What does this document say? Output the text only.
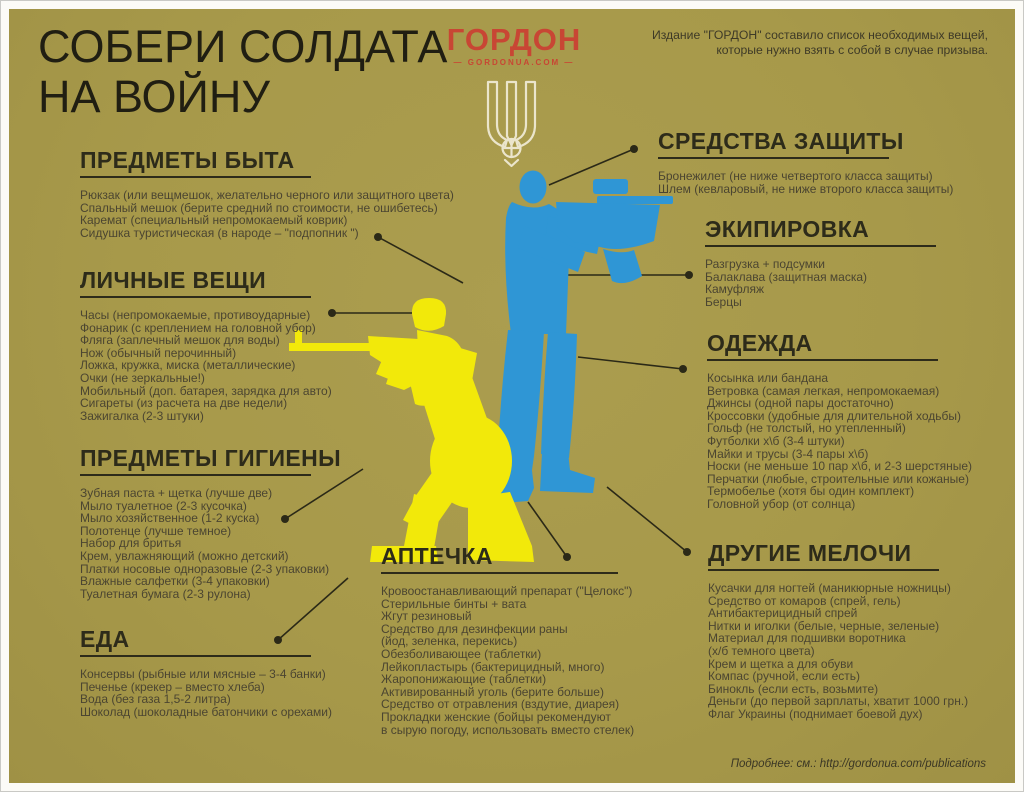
СОБЕРИ СОЛДАТА
НА ВОЙНУ
ГОРДОН
— GORDONUA.COM —
Издание "ГОРДОН" составило список необходимых вещей,
которые нужно взять с собой в случае призыва.
ПРЕДМЕТЫ БЫТА
Рюкзак (или вещмешок, желательно черного или защитного цвета)
Спальный мешок (берите средний по стоимости, не ошибетесь)
Каремат (специальный непромокаемый коврик)
Сидушка туристическая (в народе – "подпопник ")
ЛИЧНЫЕ ВЕЩИ
Часы (непромокаемые, противоударные)
Фонарик (с креплением на головной убор)
Фляга (заплечный мешок для воды)
Нож (обычный перочинный)
Ложка, кружка, миска (металлические)
Очки (не зеркальные!)
Мобильный (доп. батарея, зарядка для авто)
Сигареты (из расчета на две недели)
Зажигалка (2-3 штуки)
ПРЕДМЕТЫ ГИГИЕНЫ
Зубная паста + щетка (лучше две)
Мыло туалетное (2-3 кусочка)
Мыло хозяйственное (1-2 куска)
Полотенце (лучше темное)
Набор для бритья
Крем, увлажняющий (можно детский)
Платки носовые одноразовые (2-3 упаковки)
Влажные салфетки (3-4 упаковки)
Туалетная бумага (2-3 рулона)
ЕДА
Консервы (рыбные или мясные – 3-4 банки)
Печенье (крекер – вместо хлеба)
Вода (без газа 1,5-2 литра)
Шоколад (шоколадные батончики с орехами)
АПТЕЧКА
Кровоостанавливающий препарат ("Целокс")
Стерильные бинты + вата
Жгут резиновый
Средство для дезинфекции раны
(йод, зеленка, перекись)
Обезболивающее (таблетки)
Лейкопластырь (бактерицидный, много)
Жаропонижающие (таблетки)
Активированный уголь (берите больше)
Средство от отравления (вздутие, диарея)
Прокладки женские (бойцы рекомендуют
в сырую погоду, использовать вместо стелек)
СРЕДСТВА ЗАЩИТЫ
Бронежилет (не ниже четвертого класса защиты)
Шлем (кевларовый, не ниже второго класса защиты)
ЭКИПИРОВКА
Разгрузка + подсумки
Балаклава (защитная маска)
Камуфляж
Берцы
ОДЕЖДА
Косынка или бандана
Ветровка (самая легкая, непромокаемая)
Джинсы (одной пары достаточно)
Кроссовки (удобные для длительной ходьбы)
Гольф (не толстый, но утепленный)
Футболки х\б (3-4 штуки)
Майки и трусы (3-4 пары х\б)
Носки (не меньше 10 пар х\б, и 2-3 шерстяные)
Перчатки (любые, строительные или кожаные)
Термобелье (хотя бы один комплект)
Головной убор (от солнца)
ДРУГИЕ МЕЛОЧИ
Кусачки для ногтей (маникюрные ножницы)
Средство от комаров (спрей, гель)
Антибактерицидный спрей
Нитки и иголки (белые, черные, зеленые)
Материал для подшивки воротника
(х/б темного цвета)
Крем и щетка а для обуви
Компас (ручной, если есть)
Бинокль (если есть, возьмите)
Деньги (до первой зарплаты, хватит 1000 грн.)
Флаг Украины (поднимает боевой дух)
Подробнее: см.: http://gordonua.com/publications
